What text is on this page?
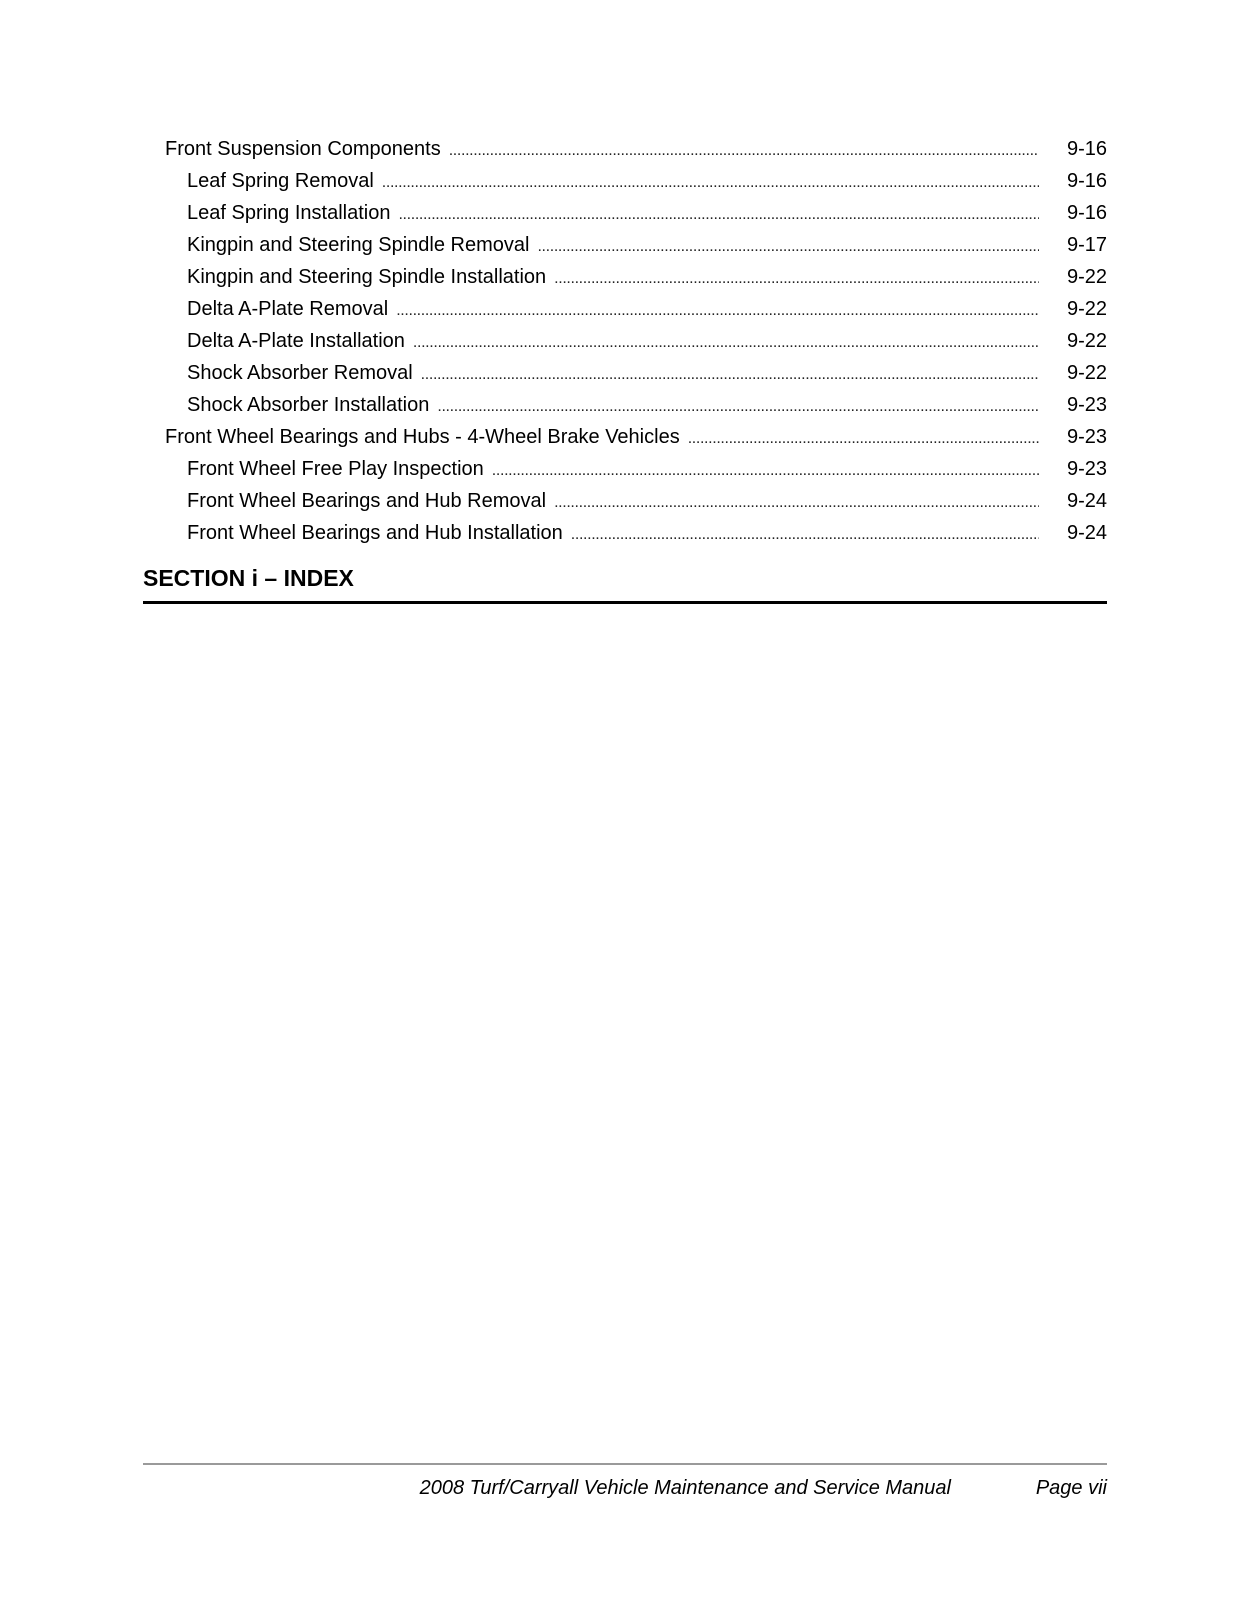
Front Suspension Components . . .	9-16
Leaf Spring Removal . . .	9-16
Leaf Spring Installation . . .	9-16
Kingpin and Steering Spindle Removal . . .	9-17
Kingpin and Steering Spindle Installation . . .	9-22
Delta A-Plate Removal . . .	9-22
Delta A-Plate Installation . . .	9-22
Shock Absorber Removal . . .	9-22
Shock Absorber Installation . . .	9-23
Front Wheel Bearings and Hubs - 4-Wheel Brake Vehicles . . .	9-23
Front Wheel Free Play Inspection . . .	9-23
Front Wheel Bearings and Hub Removal . . .	9-24
Front Wheel Bearings and Hub Installation . . .	9-24
SECTION i – INDEX
2008 Turf/Carryall Vehicle Maintenance and Service Manual	Page vii
